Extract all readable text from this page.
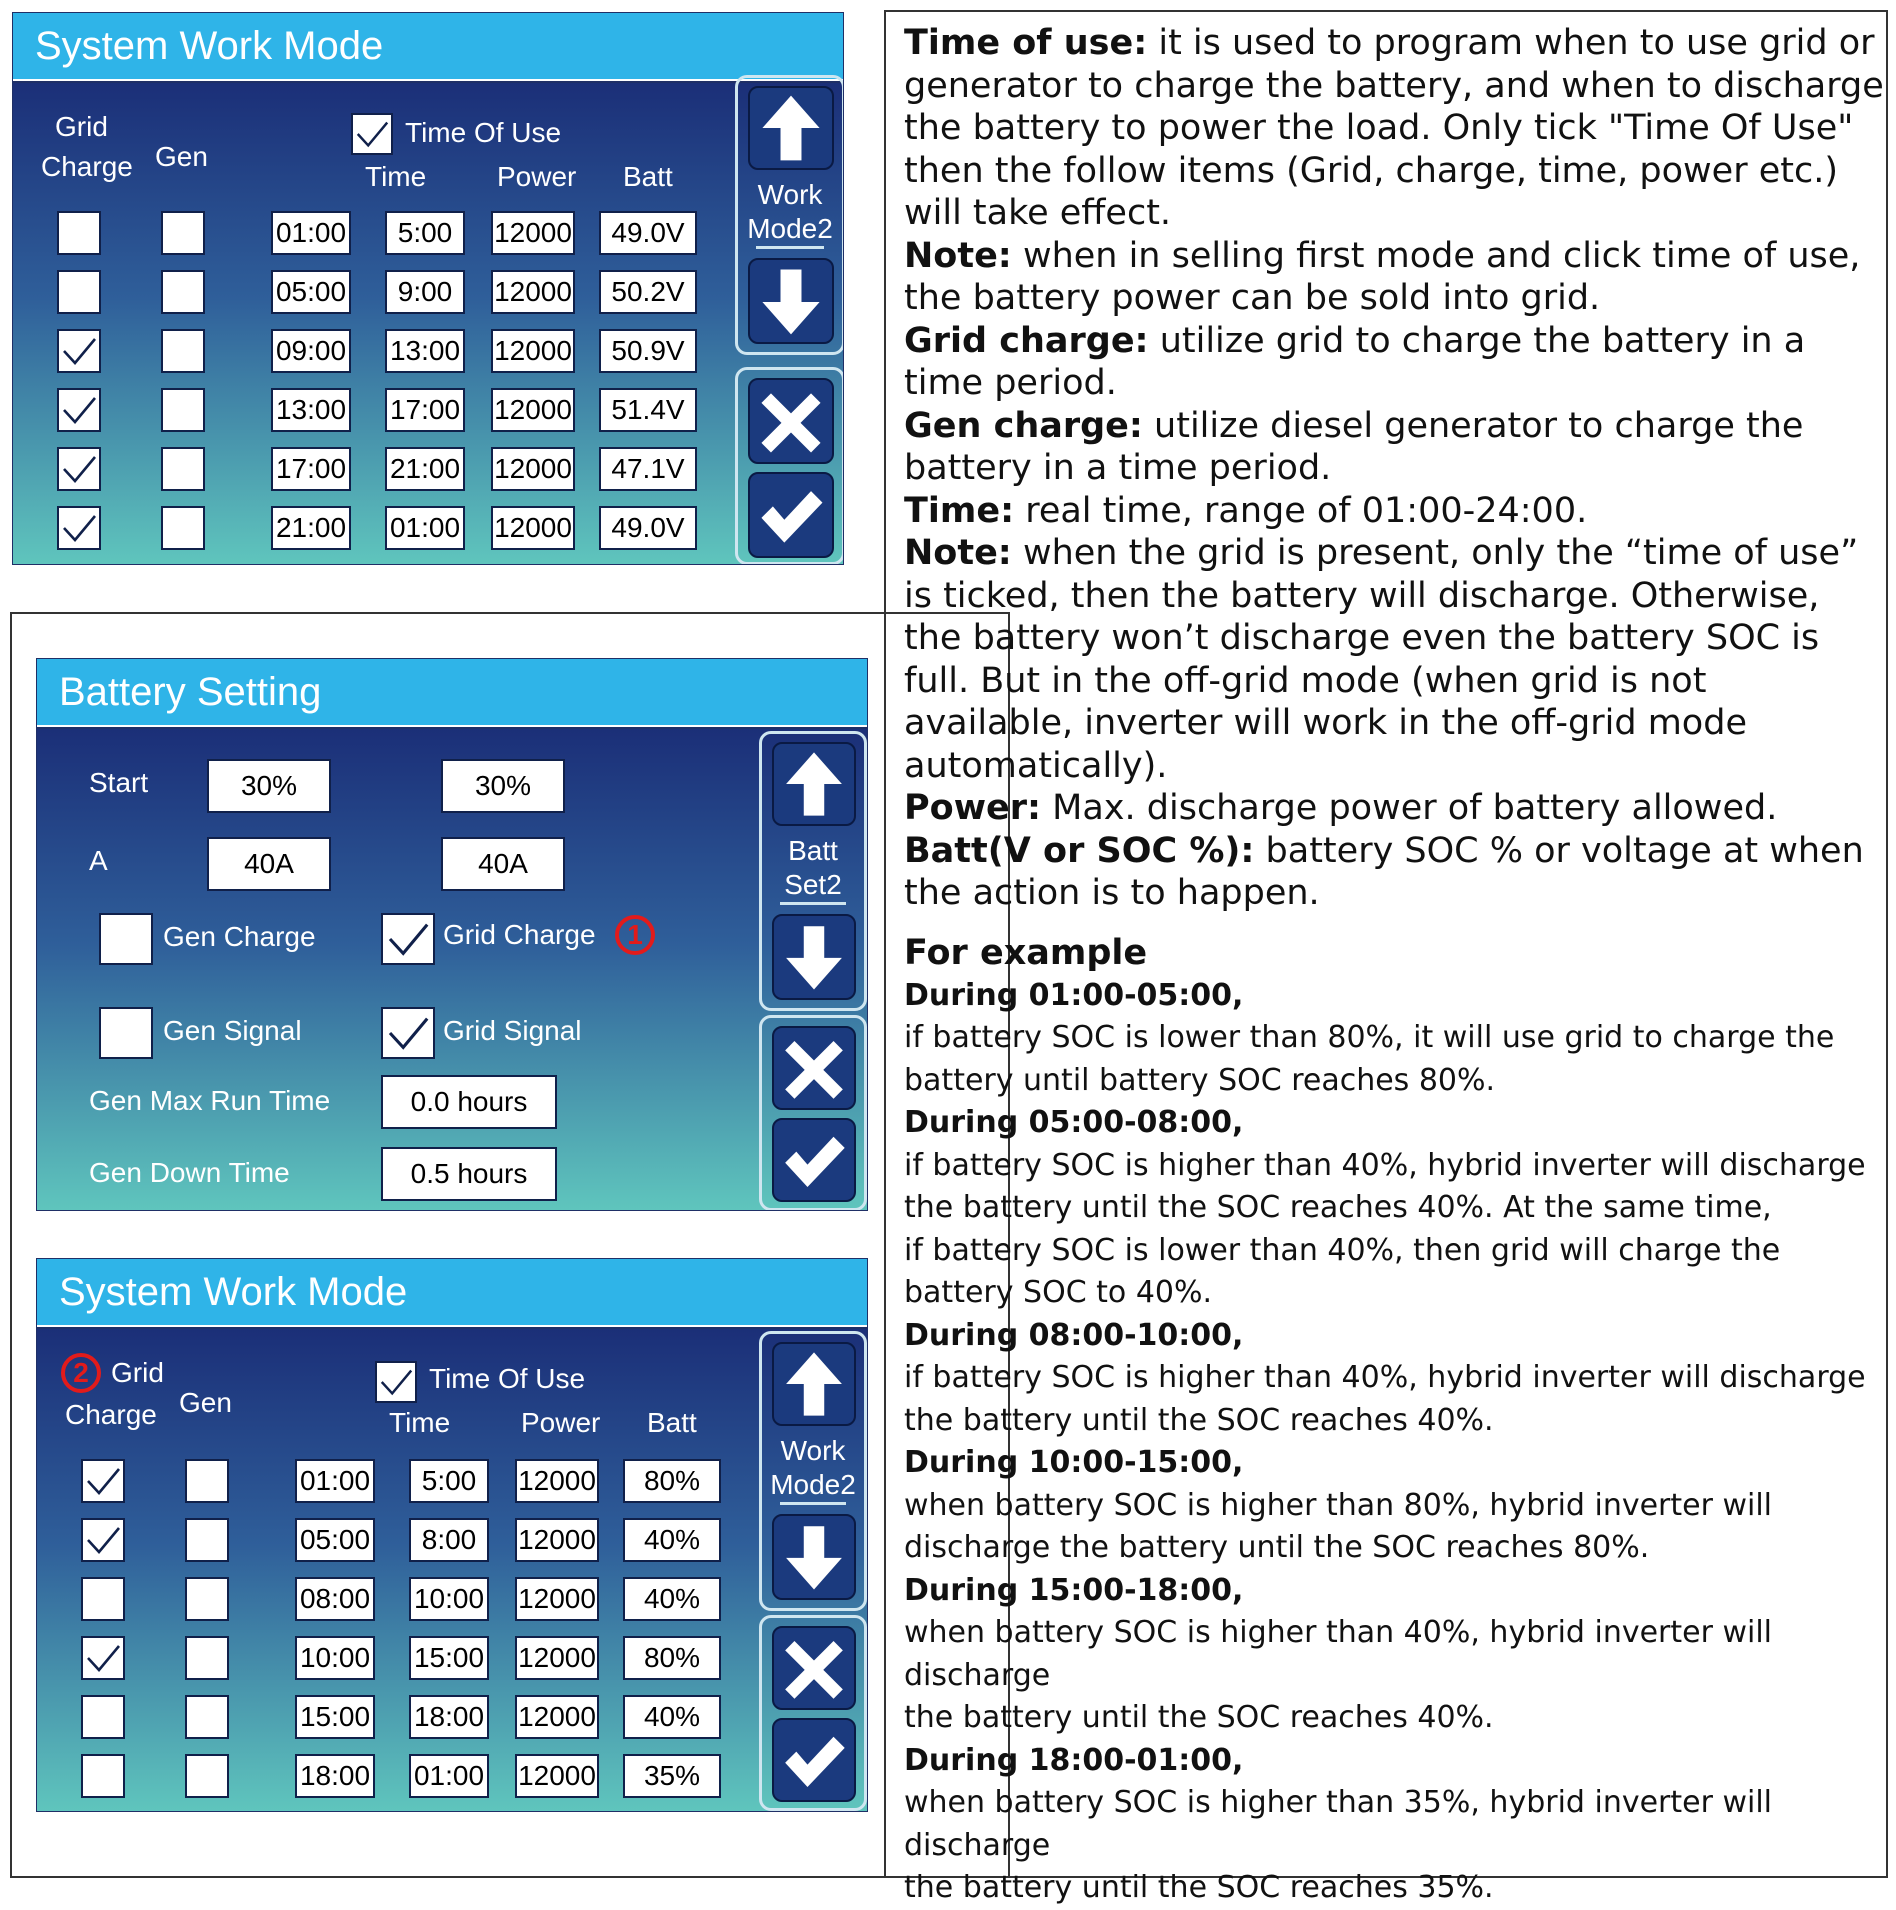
System Work Mode
Grid
Charge Gen
Time Of Use
Time	Power Batt
Work
Mode2
01:00	5:00	12000	49.0V
05:00	9:00	12000	50.2V
09:00 13:00 12000	50.9V
13:00 17:00 12000	51.4V
17:00 21:00 12000	47.1V
21:00 01:00 12000	49.0V
Battery Setting
Start	30%	30%
A	40A	40A
Gen Charge	Grid Charge	1
Gen Signal	Grid Signal
Gen Max Run Time	0.0 hours
Gen Down Time	0.5 hours
Batt
Set2
System Work Mode
2 Grid
Charge Gen
Time Of Use
Time	Power Batt
Work
Mode2
01:00	5:00	12000	80%
05:00	8:00	12000	40%
08:00 10:00 12000	40%
10:00 15:00 12000	80%
15:00 18:00 12000	40%
18:00 01:00 12000	35%

Time of use: it is used to program when to use grid or generator to charge the battery, and when to discharge the battery to power the load. Only tick "Time Of Use" then the follow items (Grid, charge, time, power etc.) will take effect.

Note: when in selling first mode and click time of use, the battery power can be sold into grid.

Grid charge: utilize grid to charge the battery in a time period.

Gen charge: utilize diesel generator to charge the battery in a time period.

Time: real time, range of 01:00-24:00.

Note: when the grid is present, only the “time of use” is ticked, then the battery will discharge. Otherwise, the battery won’t discharge even the battery SOC is full. But in the off-grid mode (when grid is not available, inverter will work in the off-grid mode automatically).

Power: Max. discharge power of battery allowed.

Batt(V or SOC %): battery SOC % or voltage at when the action is to happen.

For example

During 01:00-05:00,
if battery SOC is lower than 80%, it will use grid to charge the
battery until battery SOC reaches 80%.

During 05:00-08:00,
if battery SOC is higher than 40%, hybrid inverter will discharge
the battery until the SOC reaches 40%. At the same time,
if battery SOC is lower than 40%, then grid will charge the
battery SOC to 40%.

During 08:00-10:00,
if battery SOC is higher than 40%, hybrid inverter will discharge
the battery until the SOC reaches 40%.

During 10:00-15:00,
when battery SOC is higher than 80%, hybrid inverter will
discharge the battery until the SOC reaches 80%.

During 15:00-18:00,
when battery SOC is higher than 40%, hybrid inverter will discharge
the battery until the SOC reaches 40%.

During 18:00-01:00,
when battery SOC is higher than 35%, hybrid inverter will discharge
the battery until the SOC reaches 35%.
